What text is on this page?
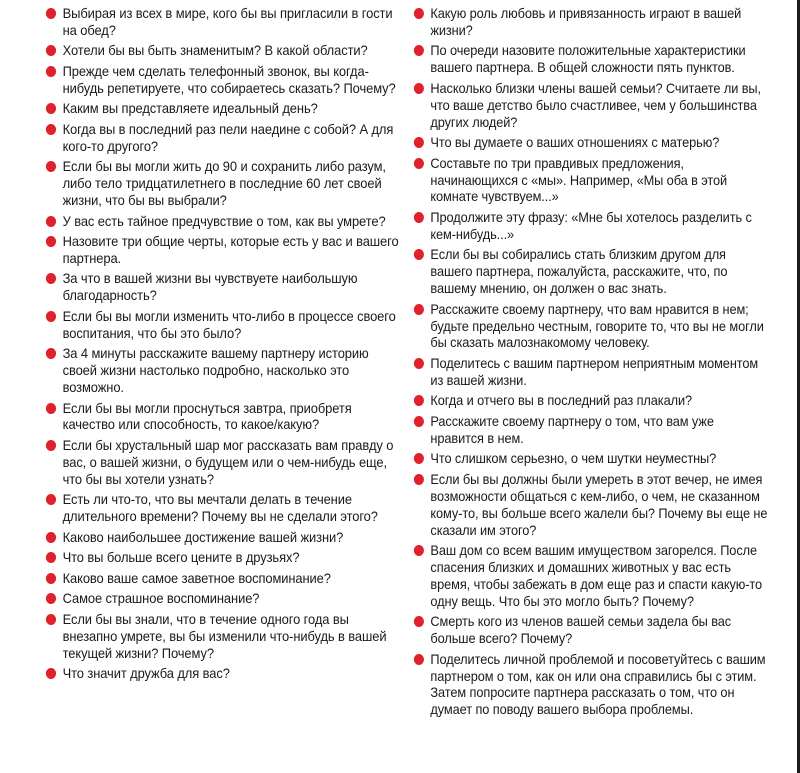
Выбирая из всех в мире, кого бы вы пригласили в гости на обед?
Хотели бы вы быть знаменитым? В какой области?
Прежде чем сделать телефонный звонок, вы когда-нибудь репетируете, что собираетесь сказать? Почему?
Каким вы представляете идеальный день?
Когда вы в последний раз пели наедине с собой? А для кого-то другого?
Если бы вы могли жить до 90 и сохранить либо разум, либо тело тридцатилетнего в последние 60 лет своей жизни, что бы вы выбрали?
У вас есть тайное предчувствие о том, как вы умрете?
Назовите три общие черты, которые есть у вас и вашего партнера.
За что в вашей жизни вы чувствуете наибольшую благодарность?
Если бы вы могли изменить что-либо в процессе своего воспитания, что бы это было?
За 4 минуты расскажите вашему партнеру историю своей жизни настолько подробно, насколько это возможно.
Если бы вы могли проснуться завтра, приобретя качество или способность, то какое/какую?
Если бы хрустальный шар мог рассказать вам правду о вас, о вашей жизни, о будущем или о чем-нибудь еще, что бы вы хотели узнать?
Есть ли что-то, что вы мечтали делать в течение длительного времени? Почему вы не сделали этого?
Каково наибольшее достижение вашей жизни?
Что вы больше всего цените в друзьях?
Каково ваше самое заветное воспоминание?
Самое страшное воспоминание?
Если бы вы знали, что в течение одного года вы внезапно умрете, вы бы изменили что-нибудь в вашей текущей жизни? Почему?
Что значит дружба для вас?
Какую роль любовь и привязанность играют в вашей жизни?
По очереди назовите положительные характеристики вашего партнера. В общей сложности пять пунктов.
Насколько близки члены вашей семьи? Считаете ли вы, что ваше детство было счастливее, чем у большинства других людей?
Что вы думаете о ваших отношениях с матерью?
Составьте по три правдивых предложения, начинающихся с «мы». Например, «Мы оба в этой комнате чувствуем...»
Продолжите эту фразу: «Мне бы хотелось разделить с кем-нибудь...»
Если бы вы собирались стать близким другом для вашего партнера, пожалуйста, расскажите, что, по вашему мнению, он должен о вас знать.
Расскажите своему партнеру, что вам нравится в нем; будьте предельно честным, говорите то, что вы не могли бы сказать малознакомому человеку.
Поделитесь с вашим партнером неприятным моментом из вашей жизни.
Когда и отчего вы в последний раз плакали?
Расскажите своему партнеру о том, что вам уже нравится в нем.
Что слишком серьезно, о чем шутки неуместны?
Если бы вы должны были умереть в этот вечер, не имея возможности общаться с кем-либо, о чем, не сказанном кому-то, вы больше всего жалели бы? Почему вы еще не сказали им этого?
Ваш дом со всем вашим имуществом загорелся. После спасения близких и домашних животных у вас есть время, чтобы забежать в дом еще раз и спасти какую-то одну вещь. Что бы это могло быть? Почему?
Смерть кого из членов вашей семьи задела бы вас больше всего? Почему?
Поделитесь личной проблемой и посоветуйтесь с вашим партнером о том, как он или она справились бы с этим. Затем попросите партнера рассказать о том, что он думает по поводу вашего выбора проблемы.
